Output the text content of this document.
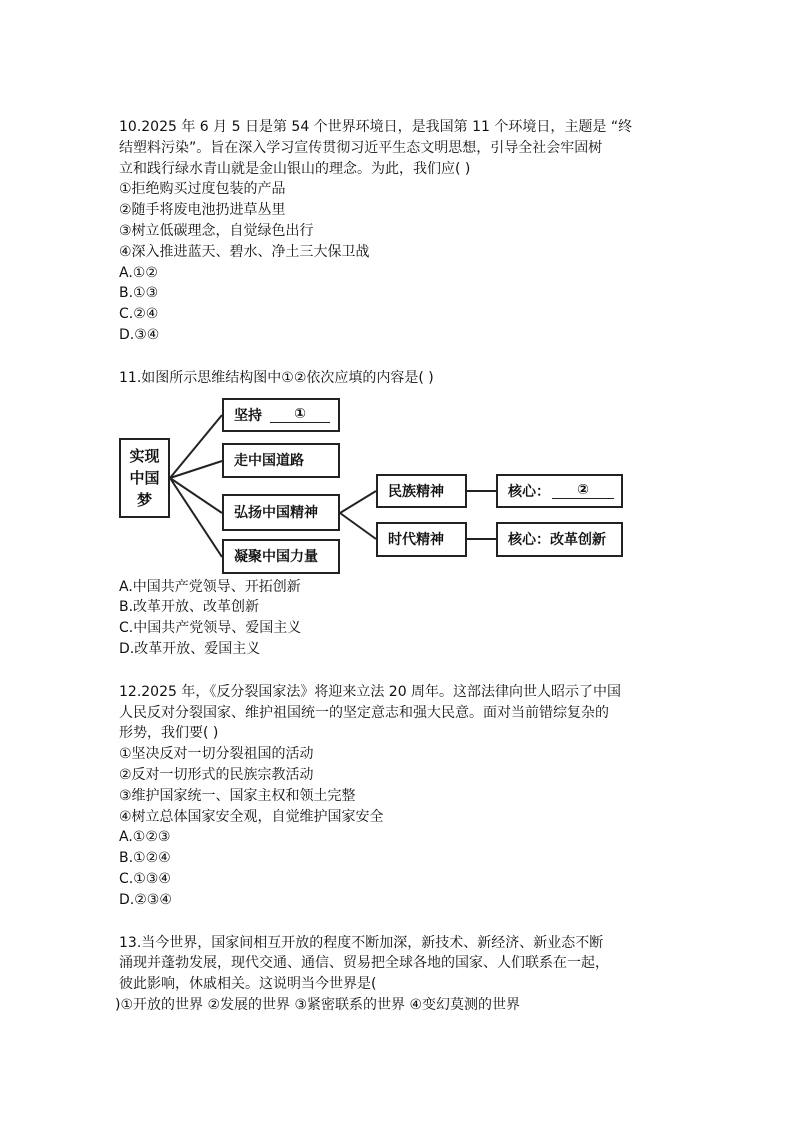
10.2025 年 6 月 5 日是第 54 个世界环境日，是我国第 11 个环境日，主题是 “终
结塑料污染”。旨在深入学习宣传贯彻习近平生态文明思想，引导全社会牢固树
立和践行绿水青山就是金山银山的理念。为此，我们应( )
①拒绝购买过度包装的产品
②随手将废电池扔进草丛里
③树立低碳理念，自觉绿色出行
④深入推进蓝天、碧水、净土三大保卫战
A.①②
B.①③
C.②④
D.③④
11.如图所示思维结构图中①②依次应填的内容是( )
实现
中国
梦
坚持	①
走中国道路
弘扬中国精神
凝聚中国力量
民族精神
时代精神
核心：	②
核心：改革创新
A.中国共产党领导、开拓创新
B.改革开放、改革创新
C.中国共产党领导、爱国主义
D.改革开放、爱国主义
12.2025 年，《反分裂国家法》将迎来立法 20 周年。这部法律向世人昭示了中国
人民反对分裂国家、维护祖国统一的坚定意志和强大民意。面对当前错综复杂的
形势，我们要( )
①坚决反对一切分裂祖国的活动
②反对一切形式的民族宗教活动
③维护国家统一、国家主权和领土完整
④树立总体国家安全观，自觉维护国家安全
A.①②③
B.①②④
C.①③④
D.②③④
13.当今世界，国家间相互开放的程度不断加深，新技术、新经济、新业态不断
涌现并蓬勃发展，现代交通、通信、贸易把全球各地的国家、人们联系在一起，
彼此影响，休戚相关。这说明当今世界是(
)①开放的世界 ②发展的世界 ③紧密联系的世界 ④变幻莫测的世界
